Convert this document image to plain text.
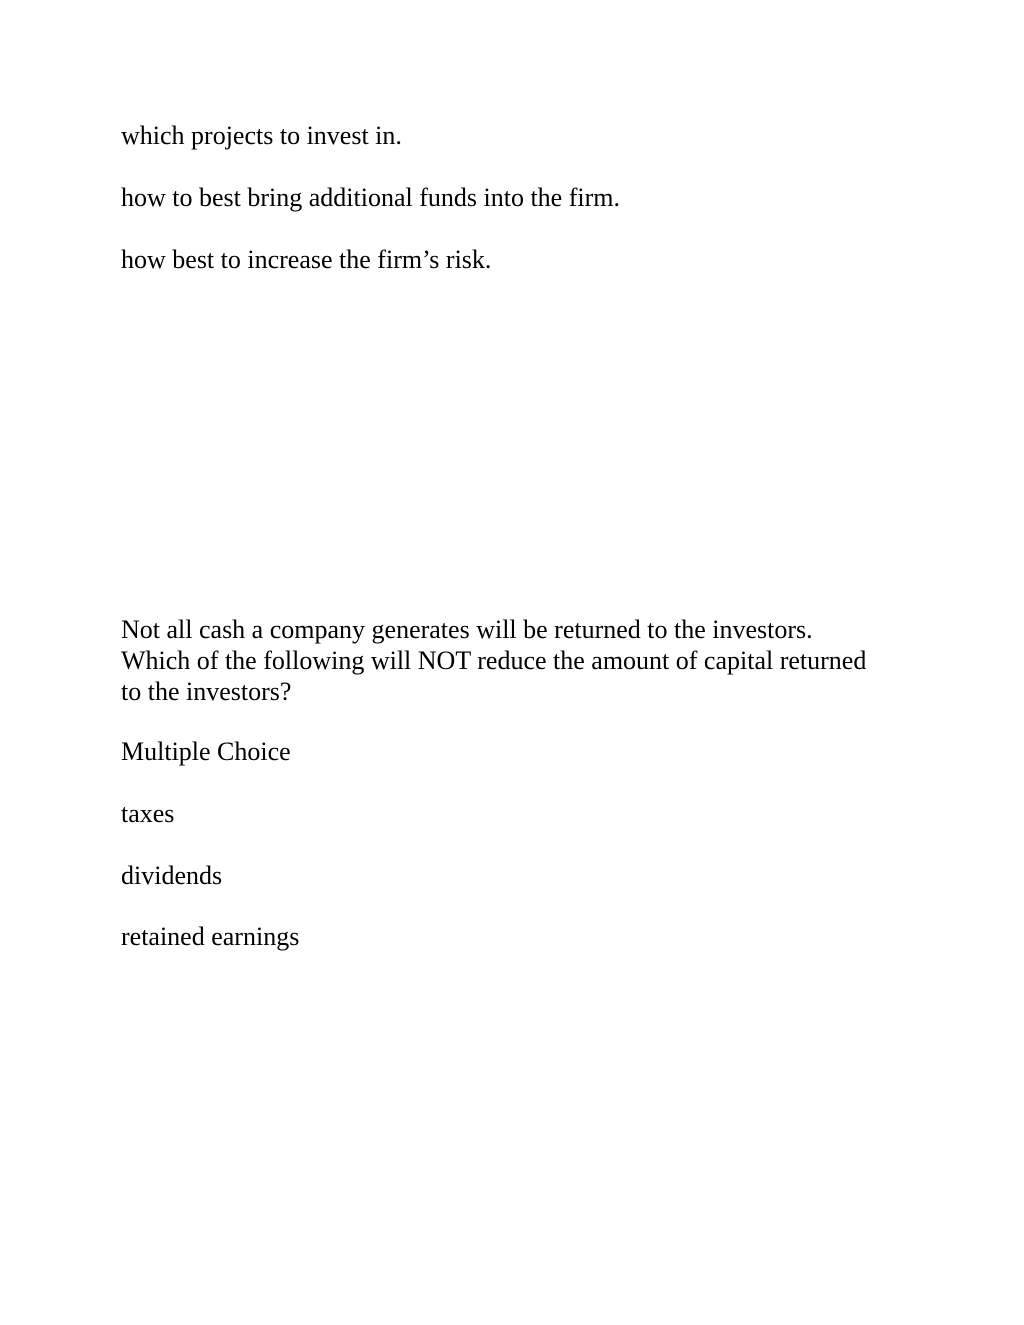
which projects to invest in.

how to best bring additional funds into the firm.

how best to increase the firm’s risk.

Not all cash a company generates will be returned to the investors.
Which of the following will NOT reduce the amount of capital returned
to the investors?

Multiple Choice

taxes

dividends

retained earnings
